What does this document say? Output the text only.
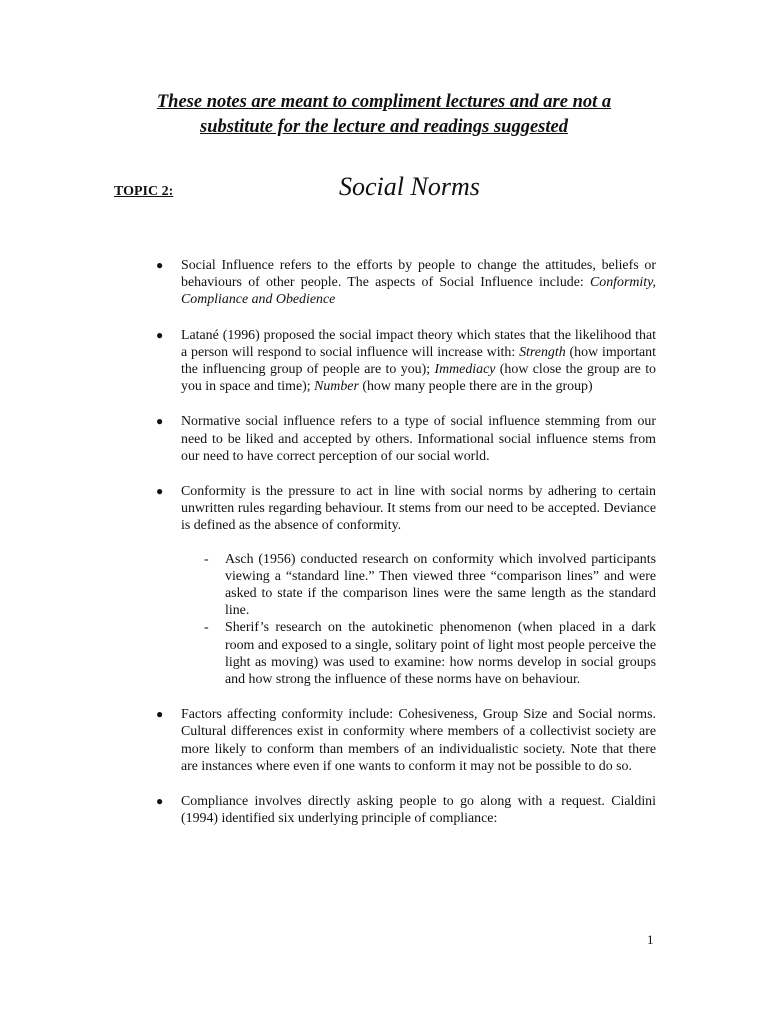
These notes are meant to compliment lectures and are not a
substitute for the lecture and readings suggested
TOPIC 2:	Social Norms
●	Social Influence refers to the efforts by people to change the attitudes, beliefs or behaviours of other people. The aspects of Social Influence include: Conformity, Compliance and Obedience
●	Latané (1996) proposed the social impact theory which states that the likelihood that a person will respond to social influence will increase with: Strength (how important the influencing group of people are to you); Immediacy (how close the group are to you in space and time); Number (how many people there are in the group)
●	Normative social influence refers to a type of social influence stemming from our need to be liked and accepted by others. Informational social influence stems from our need to have correct perception of our social world.
●	Conformity is the pressure to act in line with social norms by adhering to certain unwritten rules regarding behaviour. It stems from our need to be accepted. Deviance is defined as the absence of conformity.
- Asch (1956) conducted research on conformity which involved participants viewing a “standard line.” Then viewed three “comparison lines” and were asked to state if the comparison lines were the same length as the standard line.
- Sherif’s research on the autokinetic phenomenon (when placed in a dark room and exposed to a single, solitary point of light most people perceive the light as moving) was used to examine: how norms develop in social groups and how strong the influence of these norms have on behaviour.
●	Factors affecting conformity include: Cohesiveness, Group Size and Social norms. Cultural differences exist in conformity where members of a collectivist society are more likely to conform than members of an individualistic society. Note that there are instances where even if one wants to conform it may not be possible to do so.
●	Compliance involves directly asking people to go along with a request. Cialdini (1994) identified six underlying principle of compliance:
1
